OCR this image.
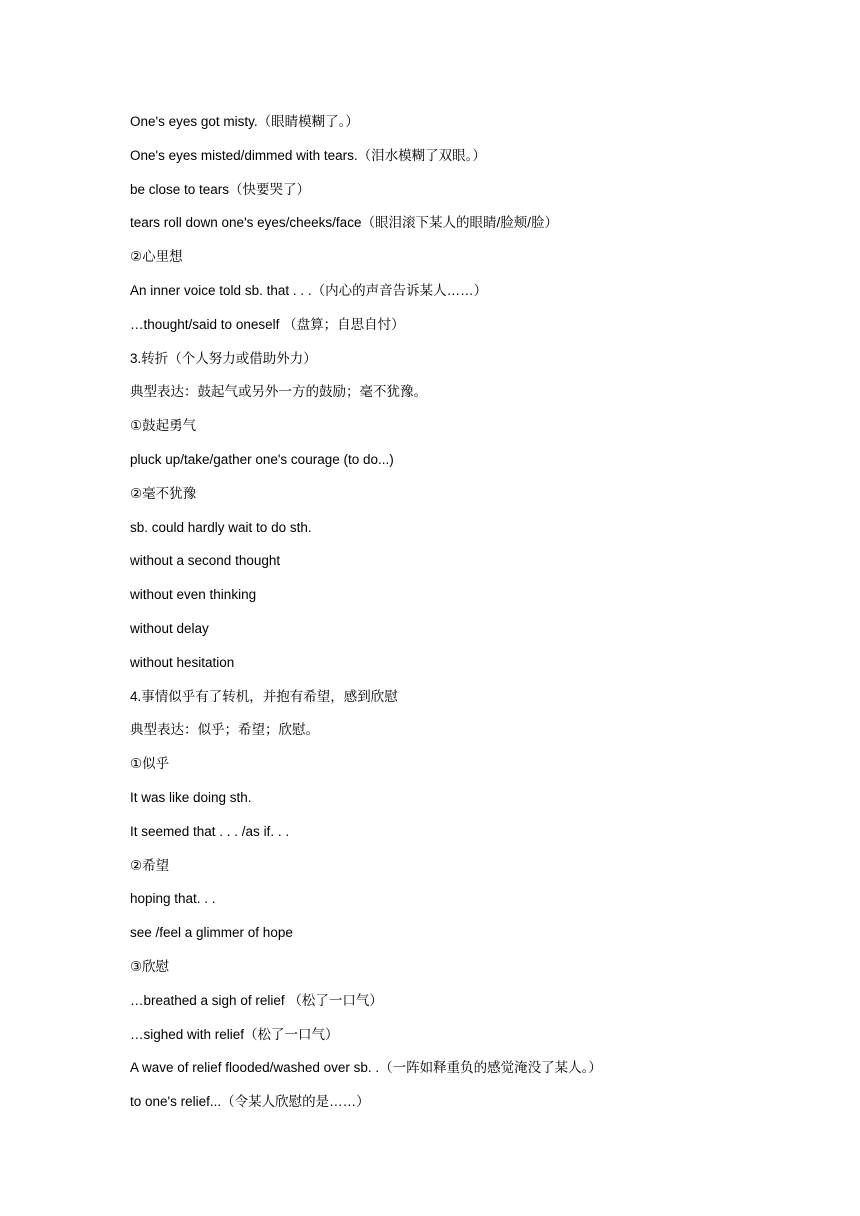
One's eyes got misty.（眼睛模糊了。）
One's eyes misted/dimmed with tears.（泪水模糊了双眼。）
be close to tears（快要哭了）
tears roll down one's eyes/cheeks/face（眼泪滚下某人的眼睛/脸颊/脸）
②心里想
An inner voice told sb. that . . .（内心的声音告诉某人……）
…thought/said to oneself （盘算；自思自忖）
3.转折（个人努力或借助外力）
典型表达：鼓起气或另外一方的鼓励；毫不犹豫。
①鼓起勇气
pluck up/take/gather one's courage (to do...)
②毫不犹豫
sb. could hardly wait to do sth.
without a second thought
without even thinking
without delay
without hesitation
4.事情似乎有了转机，并抱有希望，感到欣慰
典型表达：似乎；希望；欣慰。
①似乎
It was like doing sth.
It seemed that . . . /as if. . .
②希望
hoping that. . .
see /feel a glimmer of hope
③欣慰
…breathed a sigh of relief （松了一口气）
…sighed with relief（松了一口气）
A wave of relief flooded/washed over sb. .（一阵如释重负的感觉淹没了某人。）
to one's relief...（令某人欣慰的是……）
